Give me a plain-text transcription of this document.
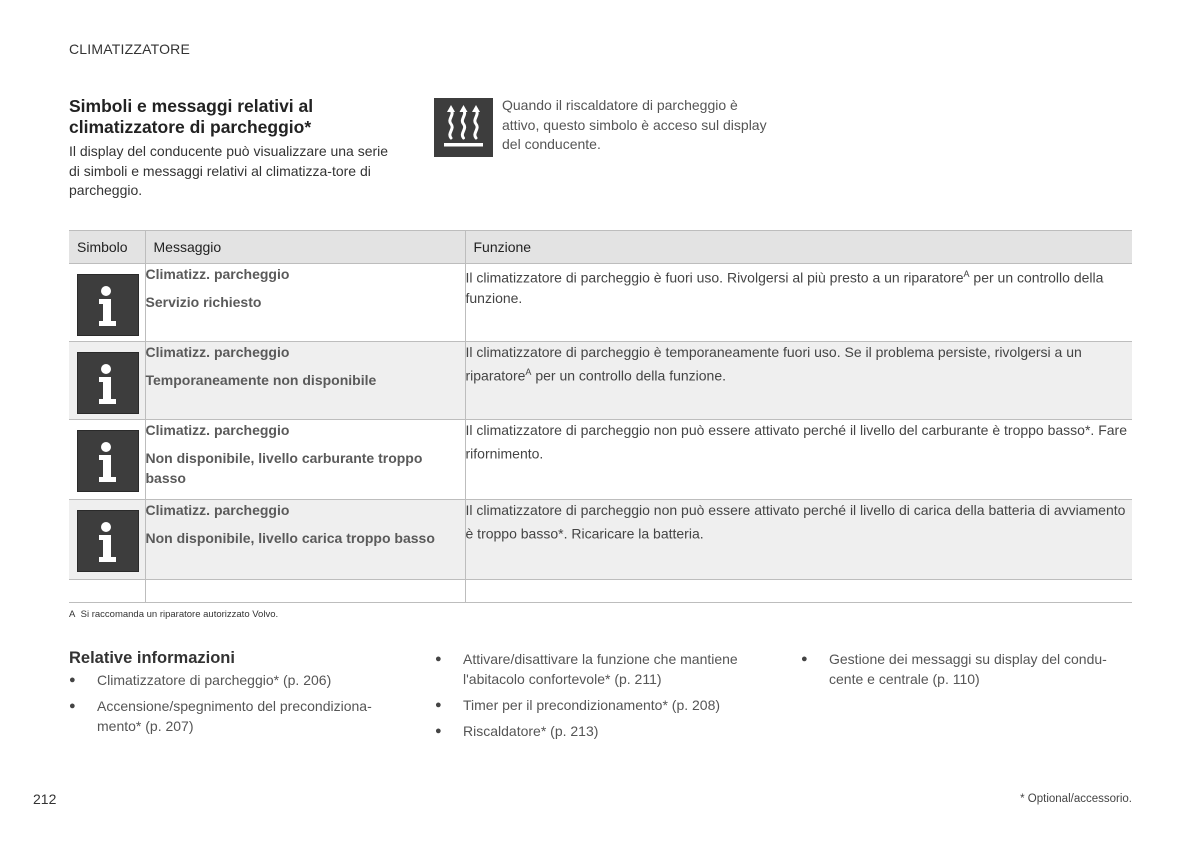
CLIMATIZZATORE
Simboli e messaggi relativi al climatizzatore di parcheggio*
Il display del conducente può visualizzare una serie di simboli e messaggi relativi al climatizza-tore di parcheggio.
Quando il riscaldatore di parcheggio è attivo, questo simbolo è acceso sul display del conducente.
Simbolo	Messaggio	Funzione

Climatizz. parcheggio
Servizio richiesto	Il climatizzatore di parcheggio è fuori uso. Rivolgersi al più presto a un riparatore$^A$ per un controllo della funzione.

Climatizz. parcheggio
Temporaneamente non disponibile	Il climatizzatore di parcheggio è temporaneamente fuori uso. Se il problema persiste, rivolgersi a un riparatore$^A$ per un controllo della funzione.

Climatizz. parcheggio
Non disponibile, livello carburante troppo basso	Il climatizzatore di parcheggio non può essere attivato perché il livello del carburante è troppo basso*. Fare rifornimento.

Climatizz. parcheggio
Non disponibile, livello carica troppo basso	Il climatizzatore di parcheggio non può essere attivato perché il livello di carica della batteria di avviamento è troppo basso*. Ricaricare la batteria.

A Si raccomanda un riparatore autorizzato Volvo.
Relative informazioni
● Climatizzatore di parcheggio* (p. 206)
● Accensione/spegnimento del precondiziona-mento* (p. 207)
● Attivare/disattivare la funzione che mantiene l'abitacolo confortevole* (p. 211)
● Timer per il precondizionamento* (p. 208)
● Riscaldatore* (p. 213)
● Gestione dei messaggi su display del condu-cente e centrale (p. 110)
212	* Optional/accessorio.
